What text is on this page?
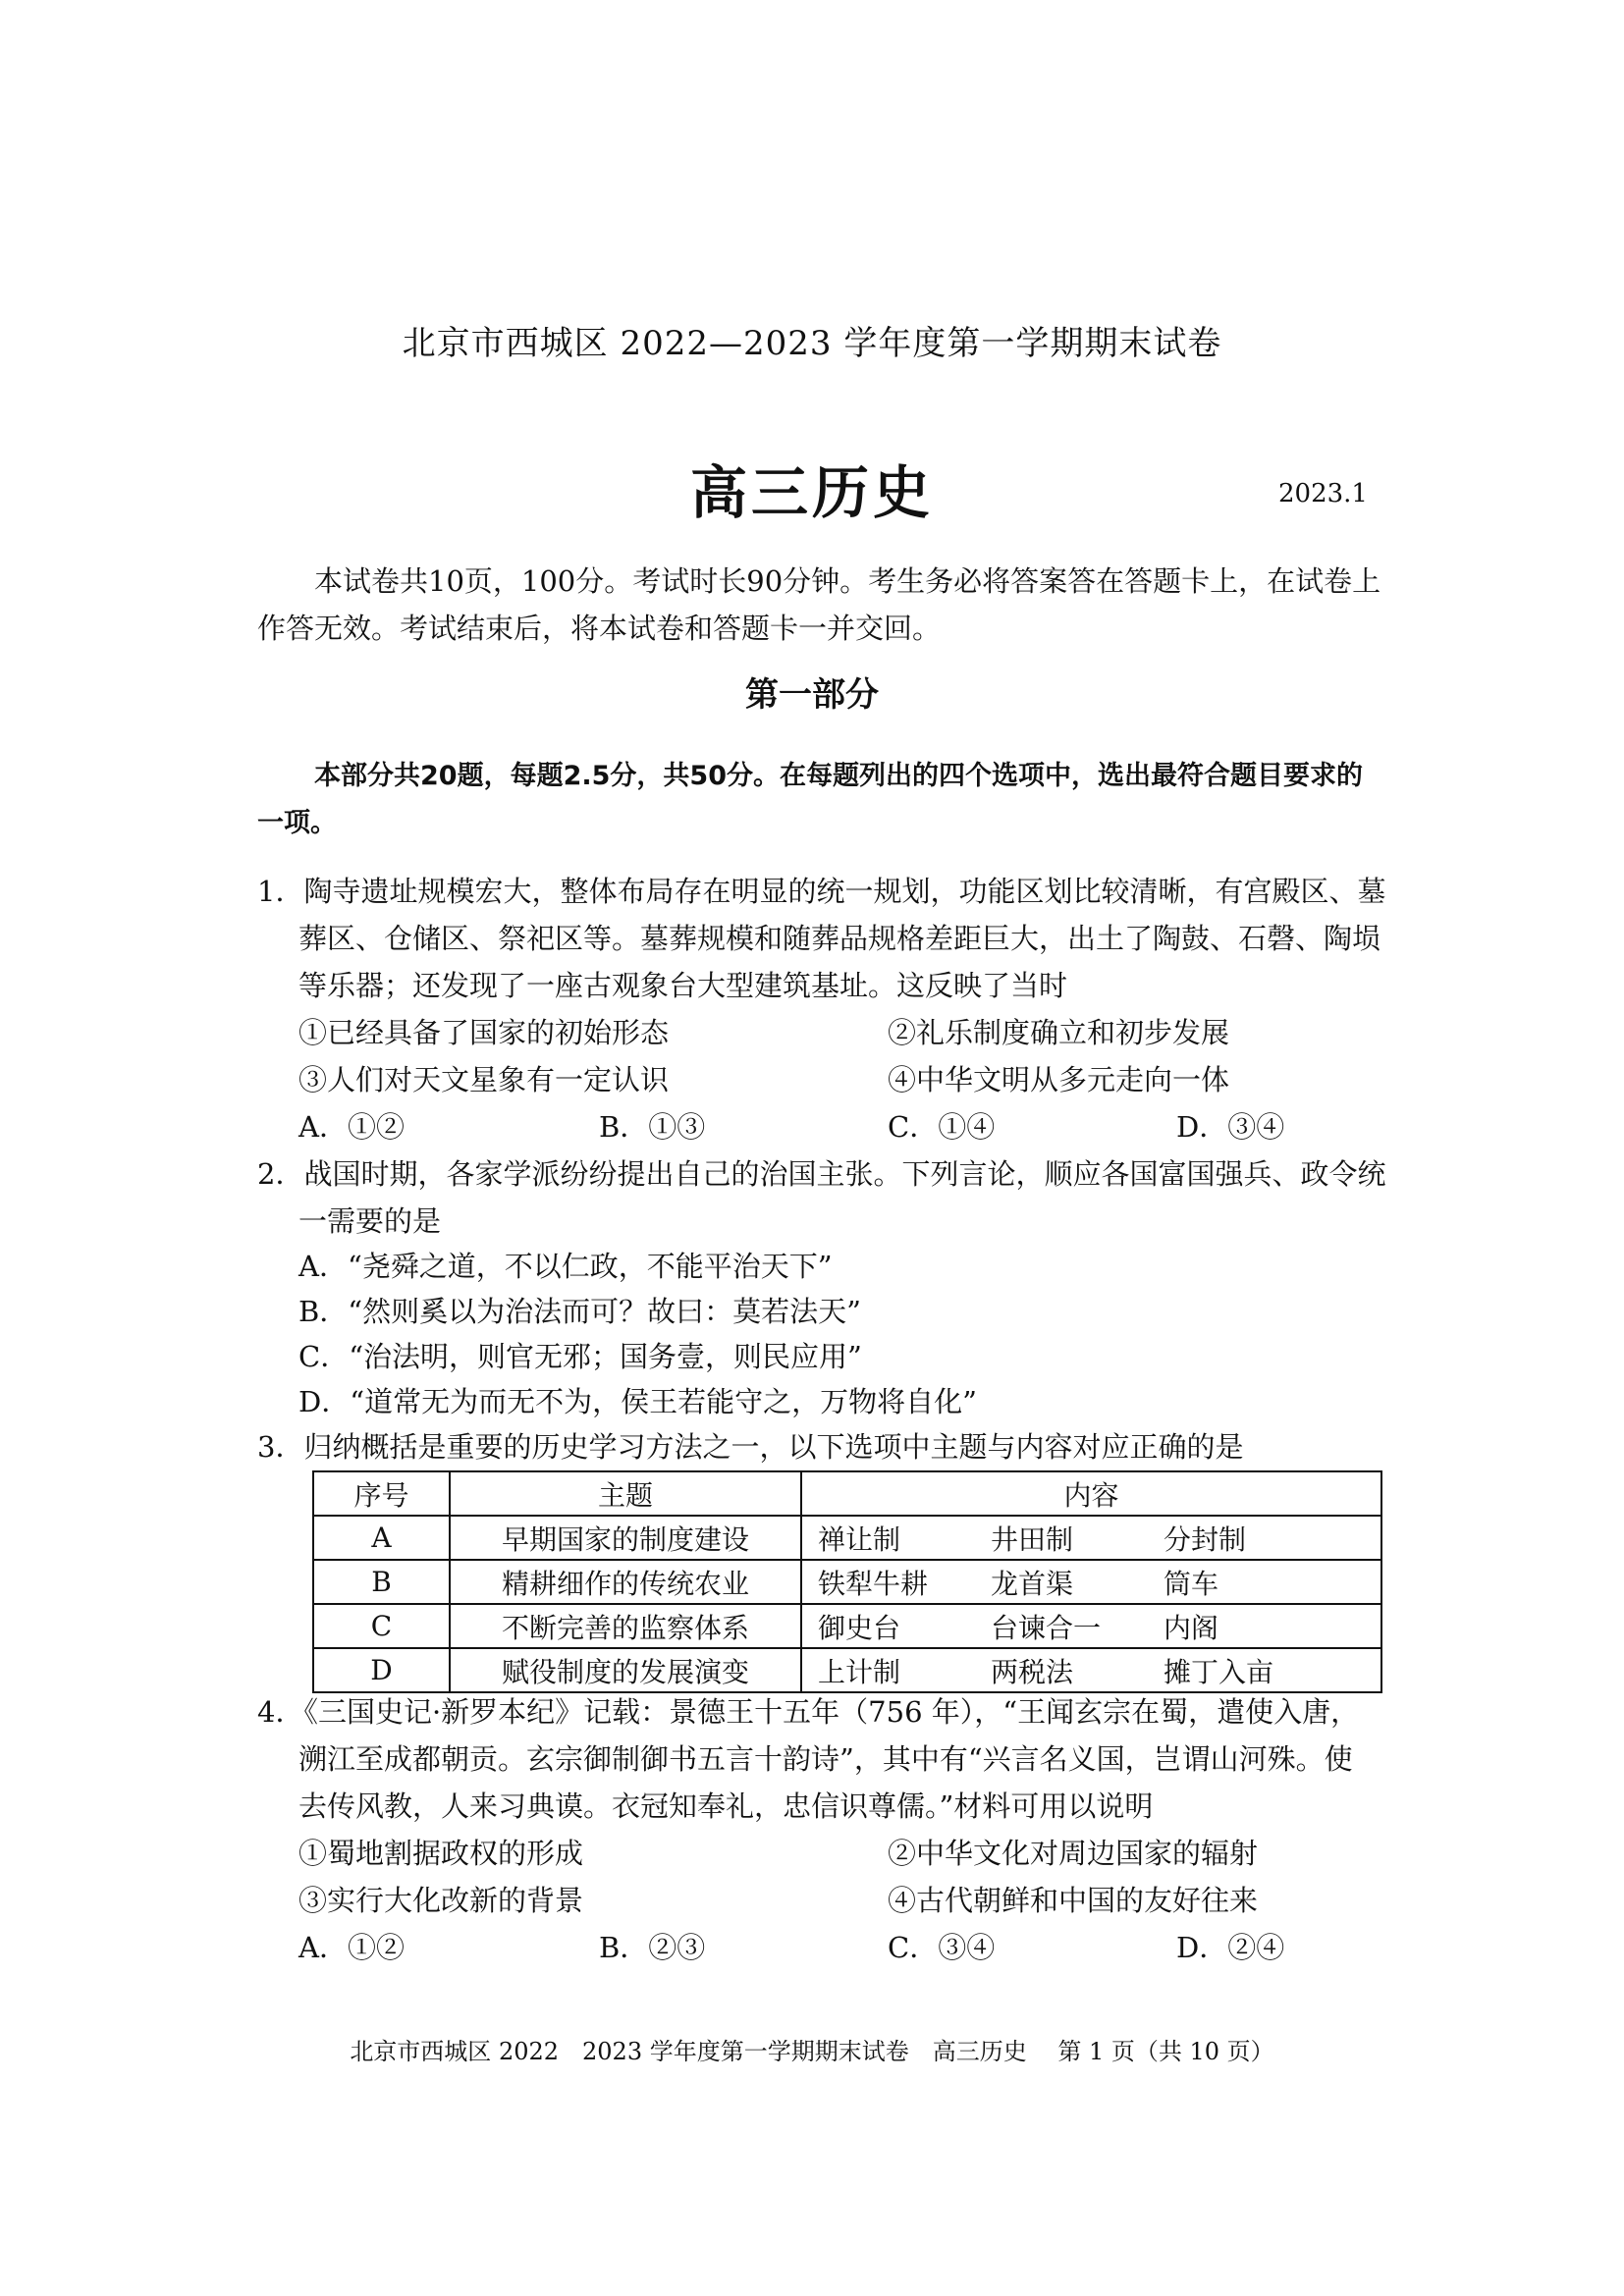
北京市西城区 2022—2023 学年度第一学期期末试卷
高三历史	2023.1
本试卷共10页，100分。考试时长90分钟。考生务必将答案答在答题卡上，在试卷上作答无效。考试结束后，将本试卷和答题卡一并交回。
第一部分
本部分共20题，每题2.5分，共50分。在每题列出的四个选项中，选出最符合题目要求的一项。
1．陶寺遗址规模宏大，整体布局存在明显的统一规划，功能区划比较清晰，有宫殿区、墓
葬区、仓储区、祭祀区等。墓葬规模和随葬品规格差距巨大，出土了陶鼓、石磬、陶埙
等乐器；还发现了一座古观象台大型建筑基址。这反映了当时
①已经具备了国家的初始形态	②礼乐制度确立和初步发展
③人们对天文星象有一定认识	④中华文明从多元走向一体
A．①②	B．①③	C．①④	D．③④
2．战国时期，各家学派纷纷提出自己的治国主张。下列言论，顺应各国富国强兵、政令统
一需要的是
A．“尧舜之道，不以仁政，不能平治天下”
B．“然则奚以为治法而可？故曰：莫若法天”
C．“治法明，则官无邪；国务壹，则民应用”
D．“道常无为而无不为，侯王若能守之，万物将自化”
3．归纳概括是重要的历史学习方法之一，以下选项中主题与内容对应正确的是
序号	主题	内容
A	早期国家的制度建设	禅让制 井田制 分封制
B	精耕细作的传统农业	铁犁牛耕 龙首渠 筒车
C	不断完善的监察体系	御史台 台谏合一 内阁
D	赋役制度的发展演变	上计制 两税法 摊丁入亩
4．《三国史记·新罗本纪》记载：景德王十五年（756 年），“王闻玄宗在蜀，遣使入唐，
溯江至成都朝贡。玄宗御制御书五言十韵诗”，其中有“兴言名义国，岂谓山河殊。使
去传风教，人来习典谟。衣冠知奉礼，忠信识尊儒。”材料可用以说明
①蜀地割据政权的形成	②中华文化对周边国家的辐射
③实行大化改新的背景	④古代朝鲜和中国的友好往来
A．①②	B．②③	C．③④	D．②④
北京市西城区 2022　2023 学年度第一学期期末试卷　高三历史　 第 1 页（共 10 页）
